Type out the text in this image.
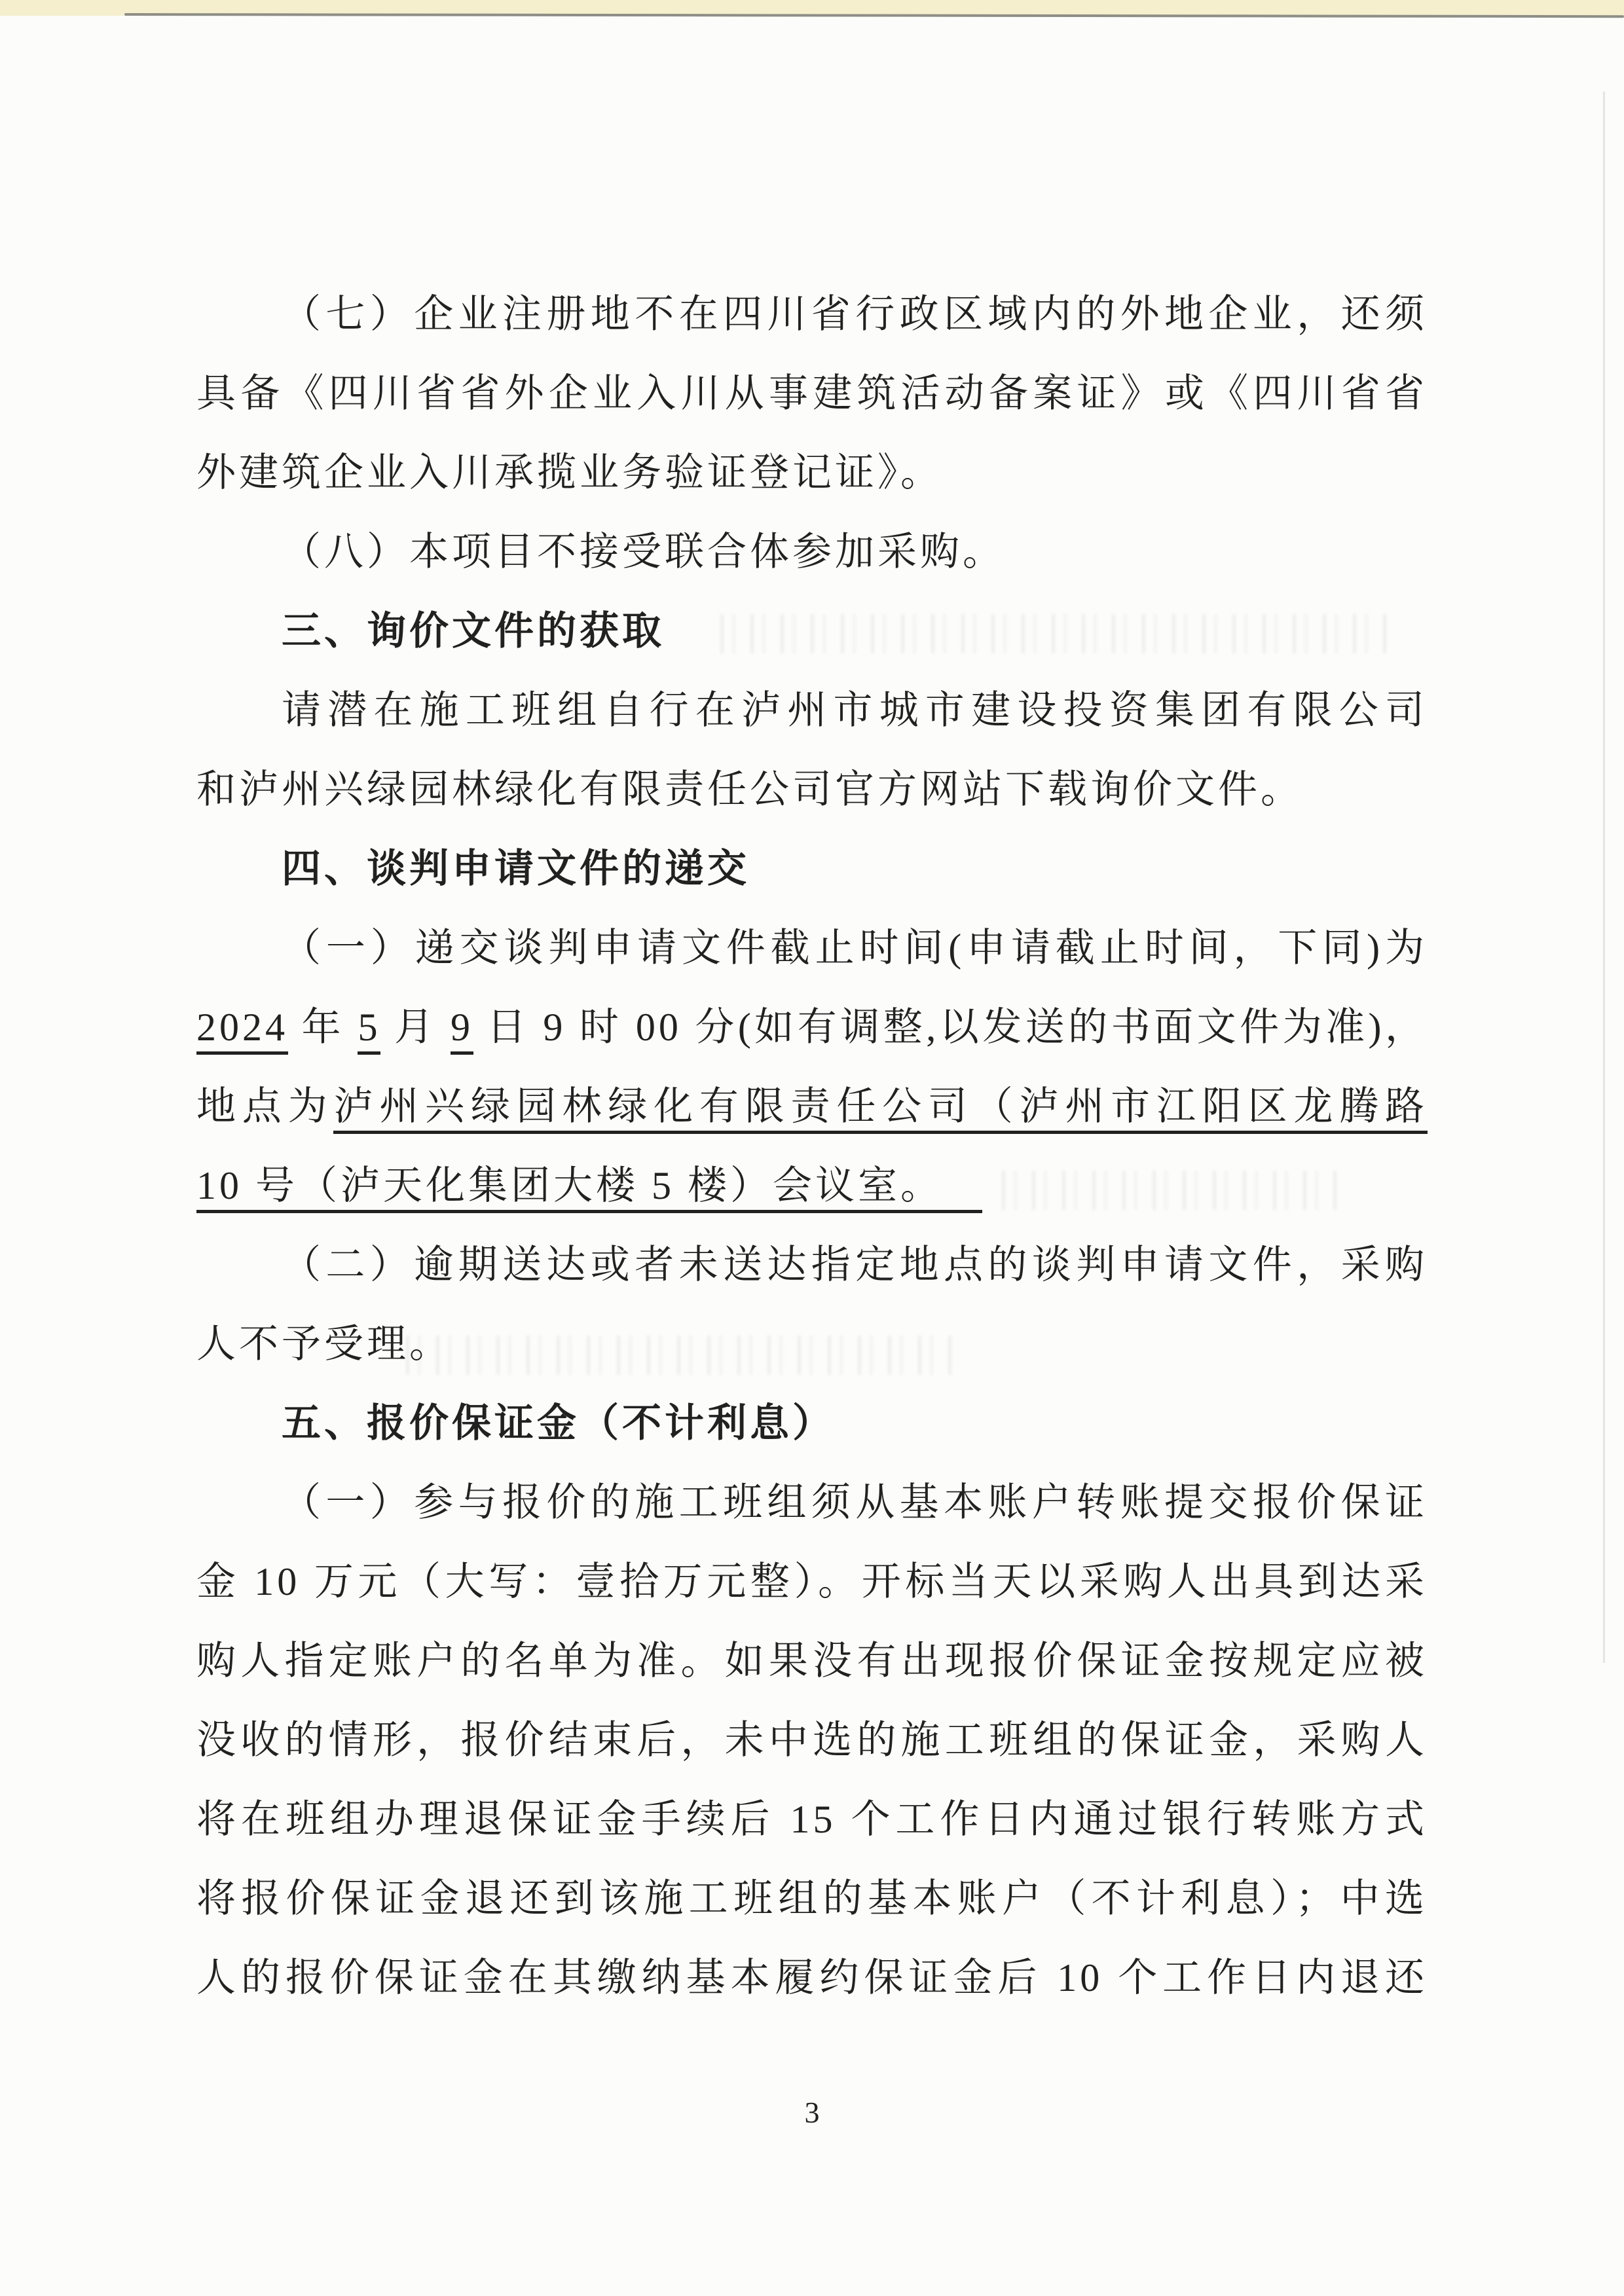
（七）企业注册地不在四川省行政区域内的外地企业，还须
具备《四川省省外企业入川从事建筑活动备案证》或《四川省省
外建筑企业入川承揽业务验证登记证》。
（八）本项目不接受联合体参加采购。
三、询价文件的获取
请潜在施工班组自行在泸州市城市建设投资集团有限公司
和泸州兴绿园林绿化有限责任公司官方网站下载询价文件。
四、谈判申请文件的递交
（一）递交谈判申请文件截止时间(申请截止时间，下同)为
2024 年 5 月 9 日 9 时 00 分(如有调整,以发送的书面文件为准)，
地点为泸州兴绿园林绿化有限责任公司（泸州市江阳区龙腾路
10 号（泸天化集团大楼 5 楼）会议室。
（二）逾期送达或者未送达指定地点的谈判申请文件，采购
人不予受理。
五、报价保证金（不计利息）
（一）参与报价的施工班组须从基本账户转账提交报价保证
金 10 万元（大写：壹拾万元整）。开标当天以采购人出具到达采
购人指定账户的名单为准。如果没有出现报价保证金按规定应被
没收的情形，报价结束后，未中选的施工班组的保证金，采购人
将在班组办理退保证金手续后 15 个工作日内通过银行转账方式
将报价保证金退还到该施工班组的基本账户（不计利息）；中选
人的报价保证金在其缴纳基本履约保证金后 10 个工作日内退还
3
